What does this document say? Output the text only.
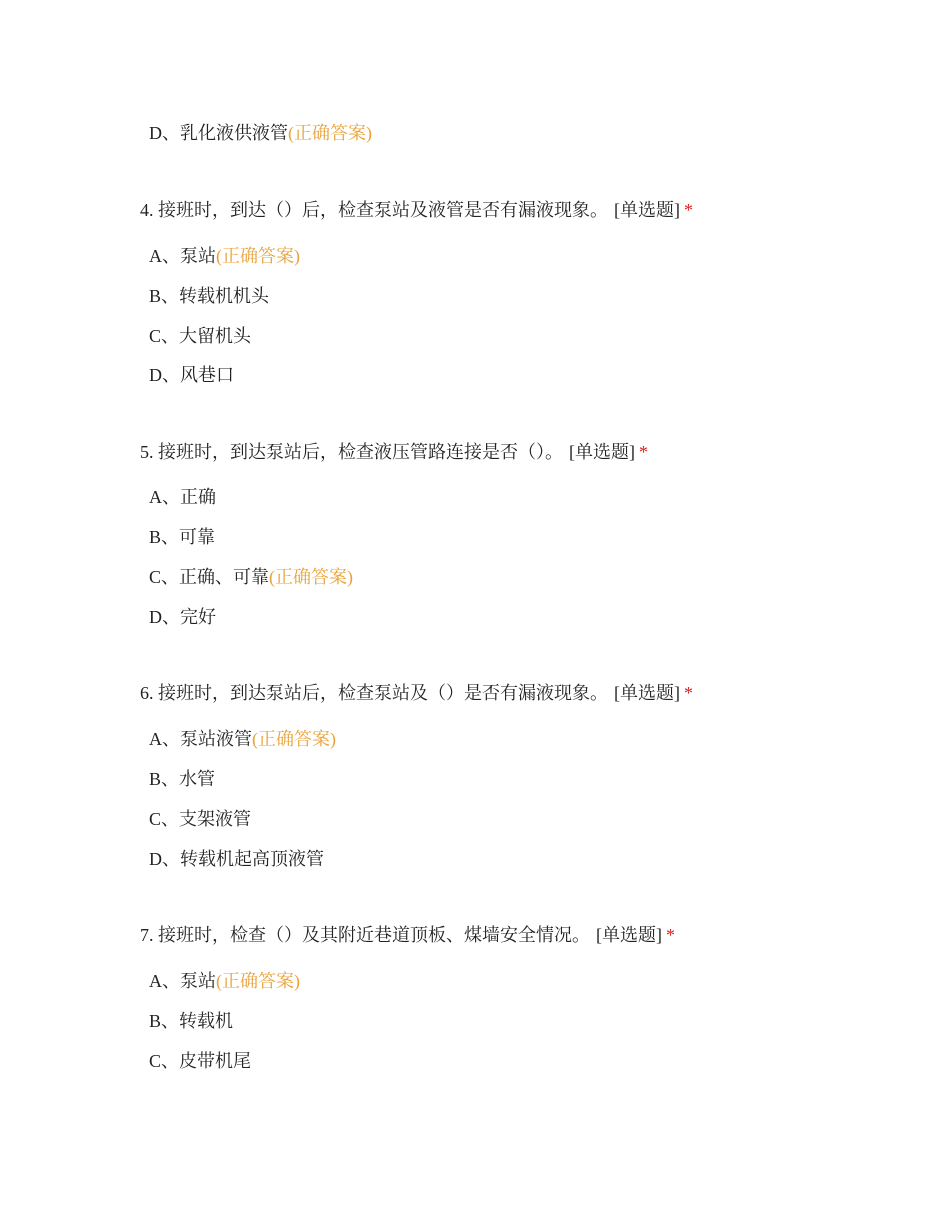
D、乳化液供液管(正确答案)
4. 接班时，到达（）后，检查泵站及液管是否有漏液现象。 [单选题] *
A、泵站(正确答案)
B、转载机机头
C、大留机头
D、风巷口
5. 接班时，到达泵站后，检查液压管路连接是否（）。 [单选题] *
A、正确
B、可靠
C、正确、可靠(正确答案)
D、完好
6. 接班时，到达泵站后，检查泵站及（）是否有漏液现象。 [单选题] *
A、泵站液管(正确答案)
B、水管
C、支架液管
D、转载机起高顶液管
7. 接班时，检查（）及其附近巷道顶板、煤墙安全情况。 [单选题] *
A、泵站(正确答案)
B、转载机
C、皮带机尾
